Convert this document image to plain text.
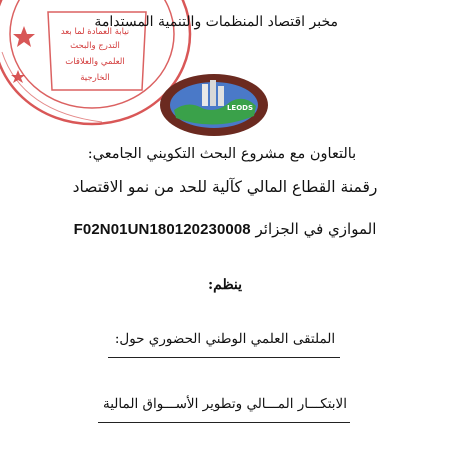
نيابة العمادة لما بعد
التدرج والبحث
العلمي والعلاقات
الخارجية
مخبر اقتصاد المنظمات والتنمية المستدامة
LEODS
بالتعاون مع مشروع البحث التكويني الجامعي:
رقمنة القطاع المالي كآلية للحد من نمو الاقتصاد
الموازي في الجزائر F02N01UN180120230008
ينظم:
الملتقى العلمي الوطني الحضوري حول:
الابتكـــار المـــالي وتطوير الأســـواق المالية
